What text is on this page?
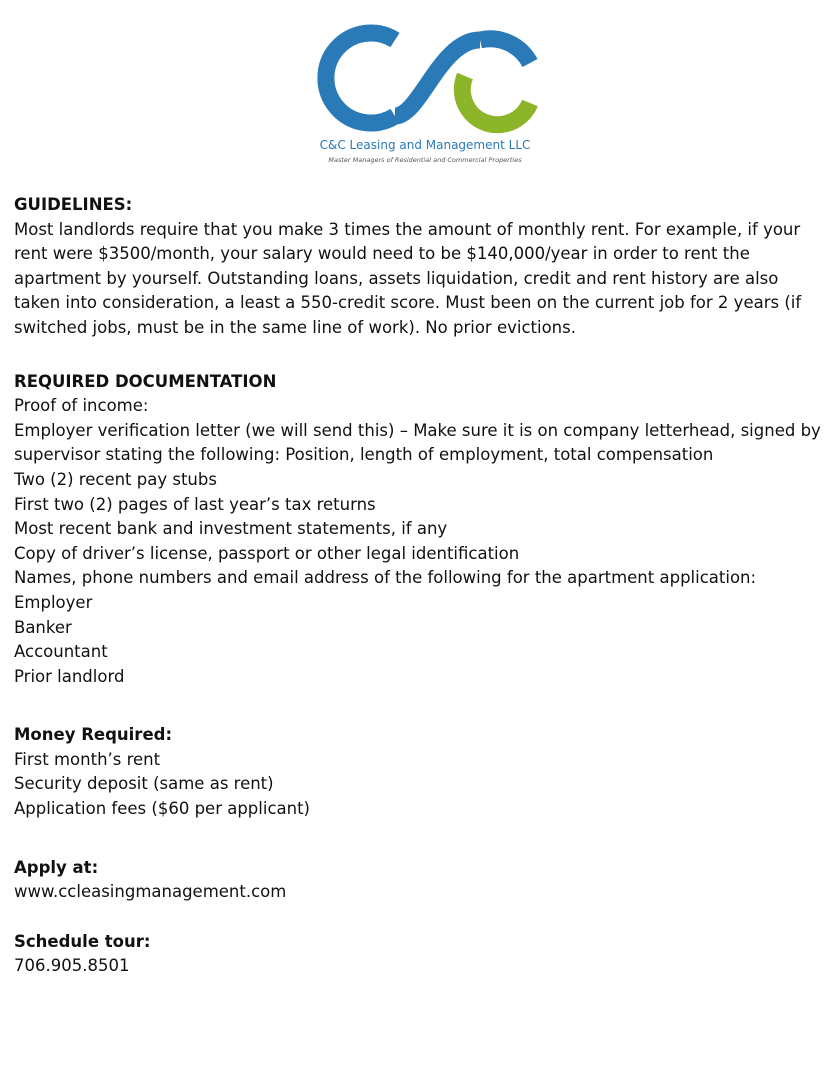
C&C Leasing and Management LLC
Master Managers of Residential and Commercial Properties

GUIDELINES:

Most landlords require that you make 3 times the amount of monthly rent. For example, if your rent were $3500/month, your salary would need to be $140,000/year in order to rent the apartment by yourself. Outstanding loans, assets liquidation, credit and rent history are also taken into consideration, a least a 550-credit score. Must been on the current job for 2 years (if switched jobs, must be in the same line of work). No prior evictions.

REQUIRED DOCUMENTATION

Proof of income:

Employer verification letter (we will send this) – Make sure it is on company letterhead, signed by supervisor stating the following: Position, length of employment, total compensation

Two (2) recent pay stubs

First two (2) pages of last year’s tax returns

Most recent bank and investment statements, if any

Copy of driver’s license, passport or other legal identification

Names, phone numbers and email address of the following for the apartment application:

Employer

Banker

Accountant

Prior landlord

Money Required:

First month’s rent

Security deposit (same as rent)

Application fees ($60 per applicant)

Apply at:

www.ccleasingmanagement.com

Schedule tour:

706.905.8501
